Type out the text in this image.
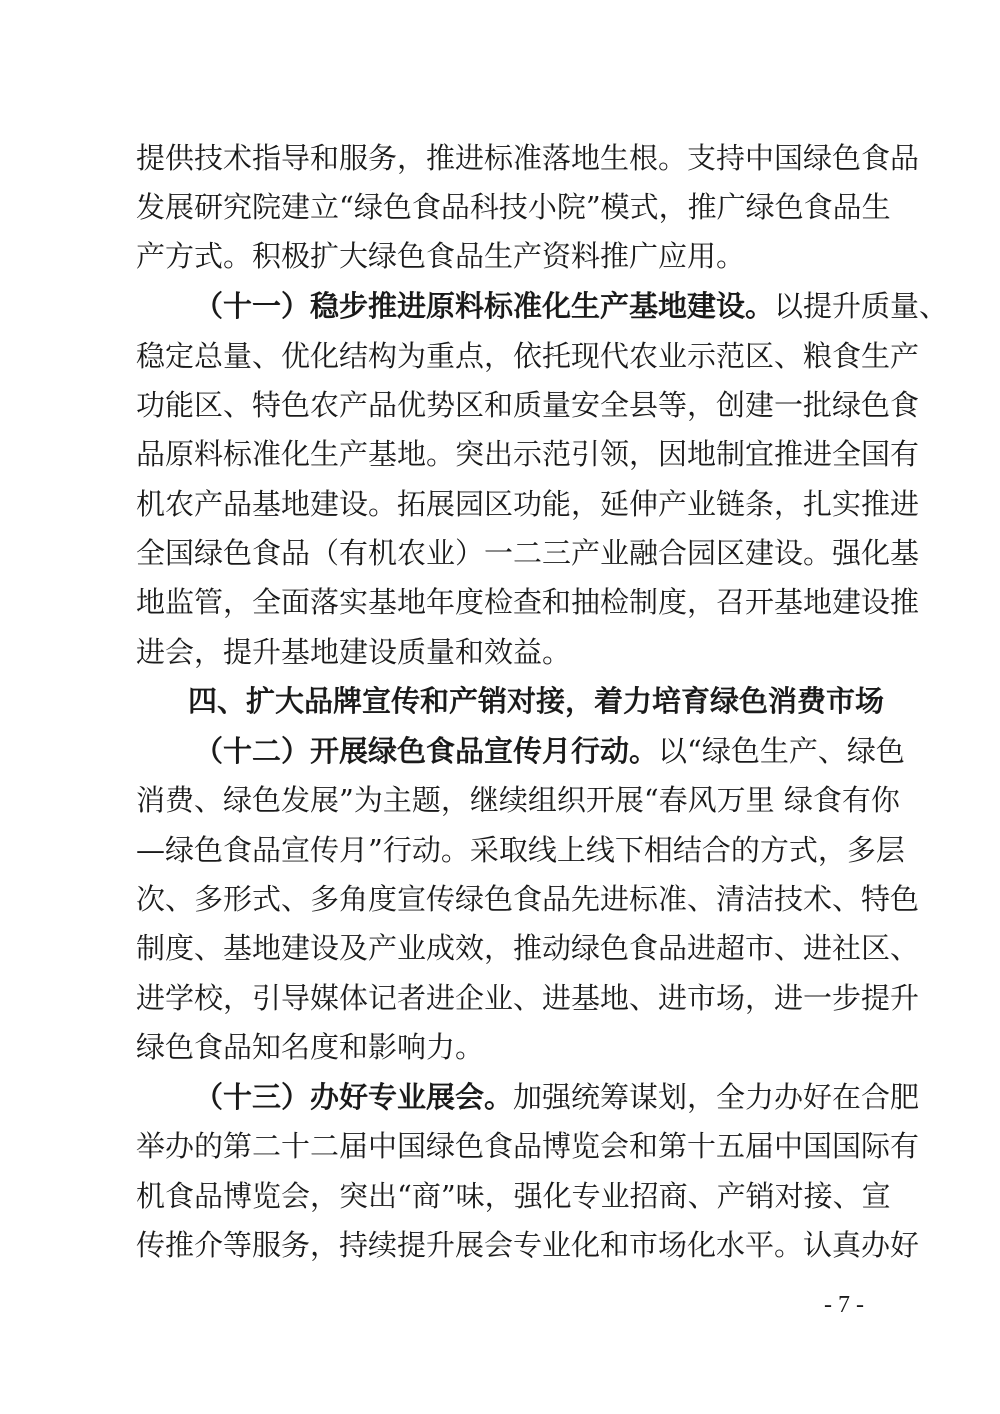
提供技术指导和服务，推进标准落地生根。支持中国绿色食品
发展研究院建立“绿色食品科技小院”模式，推广绿色食品生
产方式。积极扩大绿色食品生产资料推广应用。
（十一）稳步推进原料标准化生产基地建设。以提升质量、
稳定总量、优化结构为重点，依托现代农业示范区、粮食生产
功能区、特色农产品优势区和质量安全县等，创建一批绿色食
品原料标准化生产基地。突出示范引领，因地制宜推进全国有
机农产品基地建设。拓展园区功能，延伸产业链条，扎实推进
全国绿色食品（有机农业）一二三产业融合园区建设。强化基
地监管，全面落实基地年度检查和抽检制度，召开基地建设推
进会，提升基地建设质量和效益。
四、扩大品牌宣传和产销对接，着力培育绿色消费市场
（十二）开展绿色食品宣传月行动。以“绿色生产、绿色
消费、绿色发展”为主题，继续组织开展“春风万里 绿食有你
—绿色食品宣传月”行动。采取线上线下相结合的方式，多层
次、多形式、多角度宣传绿色食品先进标准、清洁技术、特色
制度、基地建设及产业成效，推动绿色食品进超市、进社区、
进学校，引导媒体记者进企业、进基地、进市场，进一步提升
绿色食品知名度和影响力。
（十三）办好专业展会。加强统筹谋划，全力办好在合肥
举办的第二十二届中国绿色食品博览会和第十五届中国国际有
机食品博览会，突出“商”味，强化专业招商、产销对接、宣
传推介等服务，持续提升展会专业化和市场化水平。认真办好
- 7 -
